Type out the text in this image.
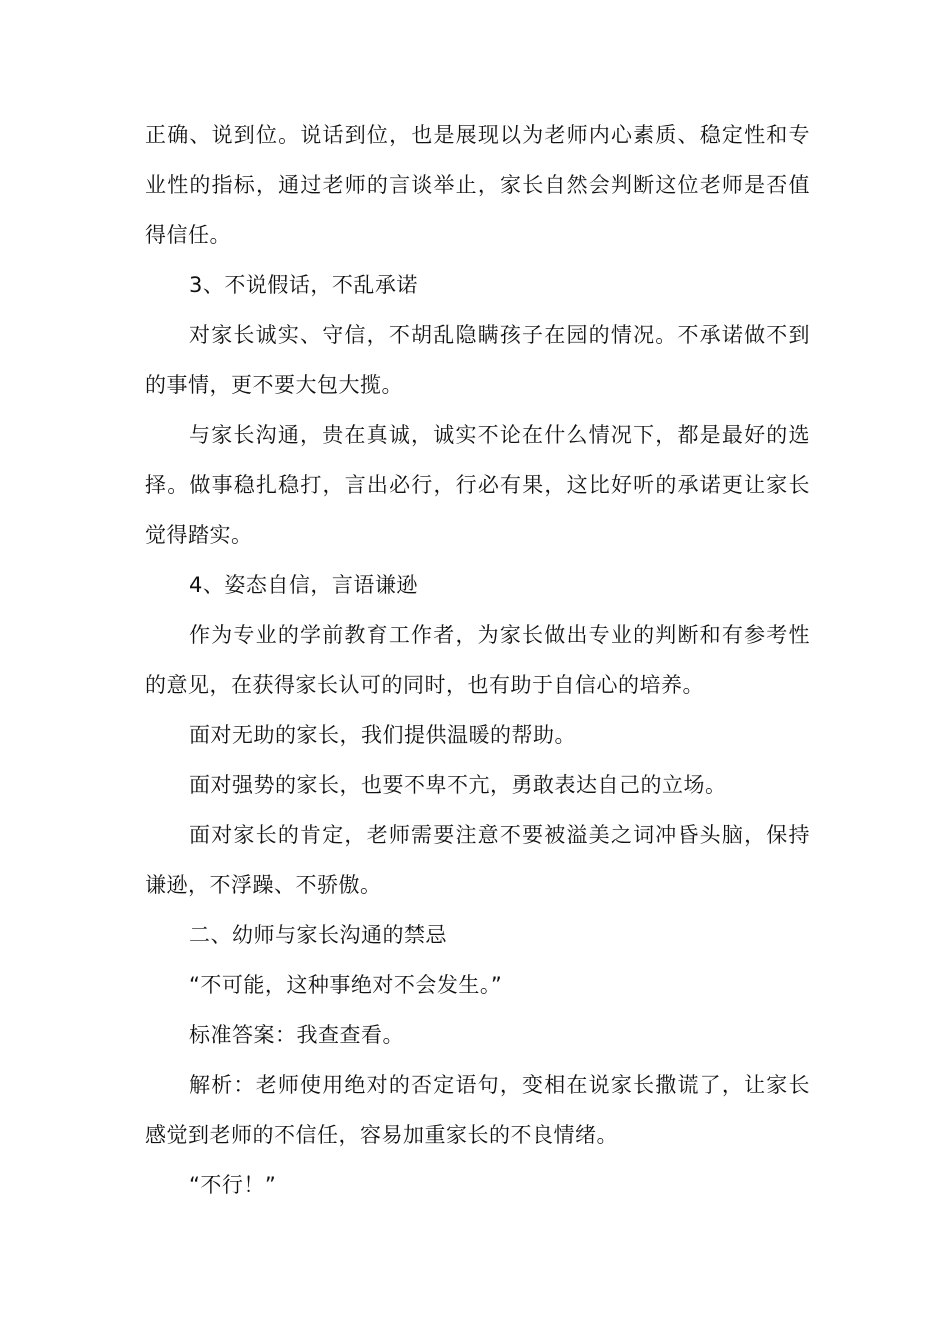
正确、说到位。说话到位，也是展现以为老师内心素质、稳定性和专业性的指标，通过老师的言谈举止，家长自然会判断这位老师是否值得信任。

3、不说假话，不乱承诺

对家长诚实、守信，不胡乱隐瞒孩子在园的情况。不承诺做不到的事情，更不要大包大揽。

与家长沟通，贵在真诚，诚实不论在什么情况下，都是最好的选择。做事稳扎稳打，言出必行，行必有果，这比好听的承诺更让家长觉得踏实。

4、姿态自信，言语谦逊

作为专业的学前教育工作者，为家长做出专业的判断和有参考性的意见，在获得家长认可的同时，也有助于自信心的培养。

面对无助的家长，我们提供温暖的帮助。

面对强势的家长，也要不卑不亢，勇敢表达自己的立场。

面对家长的肯定，老师需要注意不要被溢美之词冲昏头脑，保持谦逊，不浮躁、不骄傲。

二、幼师与家长沟通的禁忌

“不可能，这种事绝对不会发生。”

标准答案：我查查看。

解析：老师使用绝对的否定语句，变相在说家长撒谎了，让家长感觉到老师的不信任，容易加重家长的不良情绪。

“不行！”
